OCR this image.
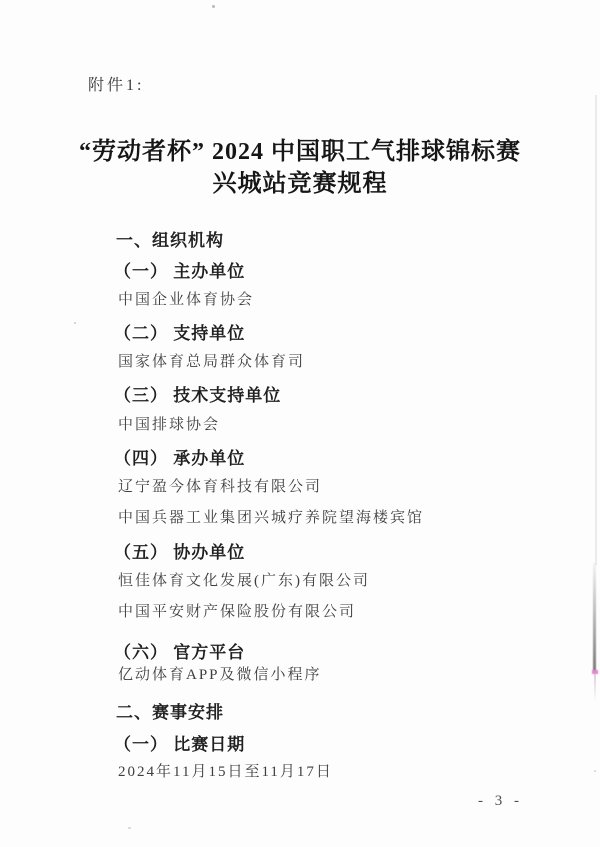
附件1:
“劳动者杯” 2024 中国职工气排球锦标赛
兴城站竞赛规程
一、组织机构
（一） 主办单位
中国企业体育协会
（二） 支持单位
国家体育总局群众体育司
（三） 技术支持单位
中国排球协会
（四） 承办单位
辽宁盈今体育科技有限公司
中国兵器工业集团兴城疗养院望海楼宾馆
（五） 协办单位
恒佳体育文化发展(广东)有限公司
中国平安财产保险股份有限公司
（六） 官方平台
亿动体育APP及微信小程序
二、赛事安排
（一） 比赛日期
2024年11月15日至11月17日
- 3 -
